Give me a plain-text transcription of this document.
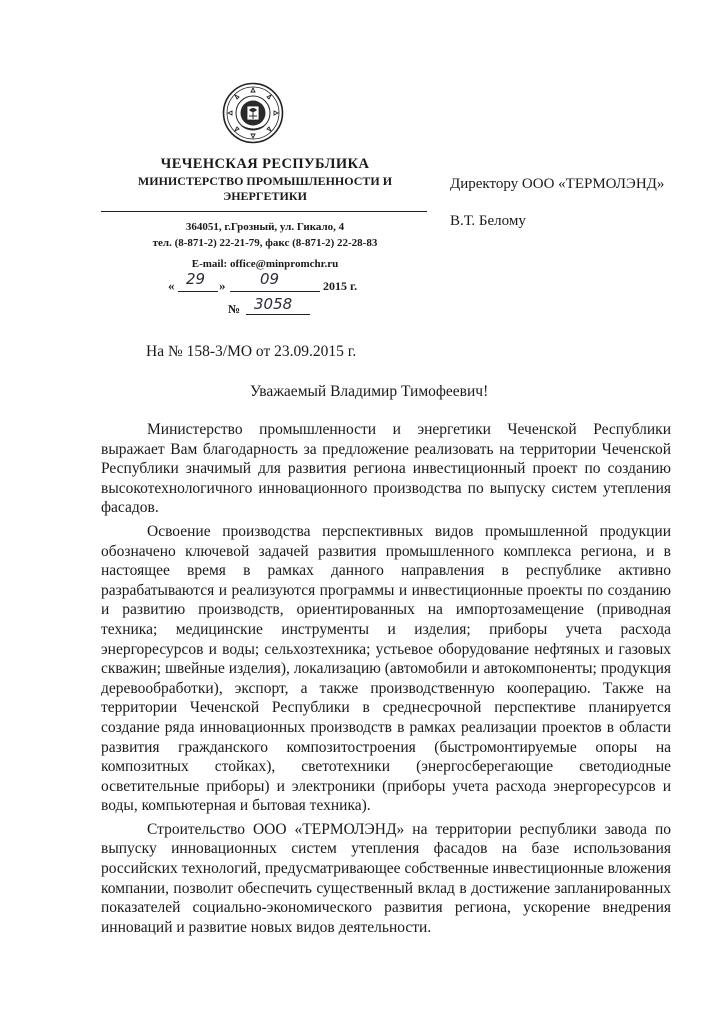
ЧЕЧЕНСКАЯ РЕСПУБЛИКА
МИНИСТЕРСТВО ПРОМЫШЛЕННОСТИ И
ЭНЕРГЕТИКИ
364051, г.Грозный, ул. Гикало, 4
тел. (8-871-2) 22-21-79, факс (8-871-2) 22-28-83
E-mail: office@minpromchr.ru
« 29 » 09	2015 г.
№ 3058
Директору ООО «ТЕРМОЛЭНД»
В.Т. Белому
На № 158-3/МО от 23.09.2015 г.
Уважаемый Владимир Тимофеевич!

Министерство промышленности и энергетики Чеченской Республики выражает Вам благодарность за предложение реализовать на территории Чеченской Республики значимый для развития региона инвестиционный проект по созданию высокотехнологичного инновационного производства по выпуску систем утепления фасадов.

Освоение производства перспективных видов промышленной продукции обозначено ключевой задачей развития промышленного комплекса региона, и в настоящее время в рамках данного направления в республике активно разрабатываются и реализуются программы и инвестиционные проекты по созданию и развитию производств, ориентированных на импортозамещение (приводная техника; медицинские инструменты и изделия; приборы учета расхода энергоресурсов и воды; сельхозтехника; устьевое оборудование нефтяных и газовых скважин; швейные изделия), локализацию (автомобили и автокомпоненты; продукция деревообработки), экспорт, а также производственную кооперацию. Также на территории Чеченской Республики в среднесрочной перспективе планируется создание ряда инновационных производств в рамках реализации проектов в области развития гражданского композитостроения (быстромонтируемые опоры на композитных стойках), светотехники (энергосберегающие светодиодные осветительные приборы) и электроники (приборы учета расхода энергоресурсов и воды, компьютерная и бытовая техника).

Строительство ООО «ТЕРМОЛЭНД» на территории республики завода по выпуску инновационных систем утепления фасадов на базе использования российских технологий, предусматривающее собственные инвестиционные вложения компании, позволит обеспечить существенный вклад в достижение запланированных показателей социально-экономического развития региона, ускорение внедрения инноваций и развитие новых видов деятельности.
